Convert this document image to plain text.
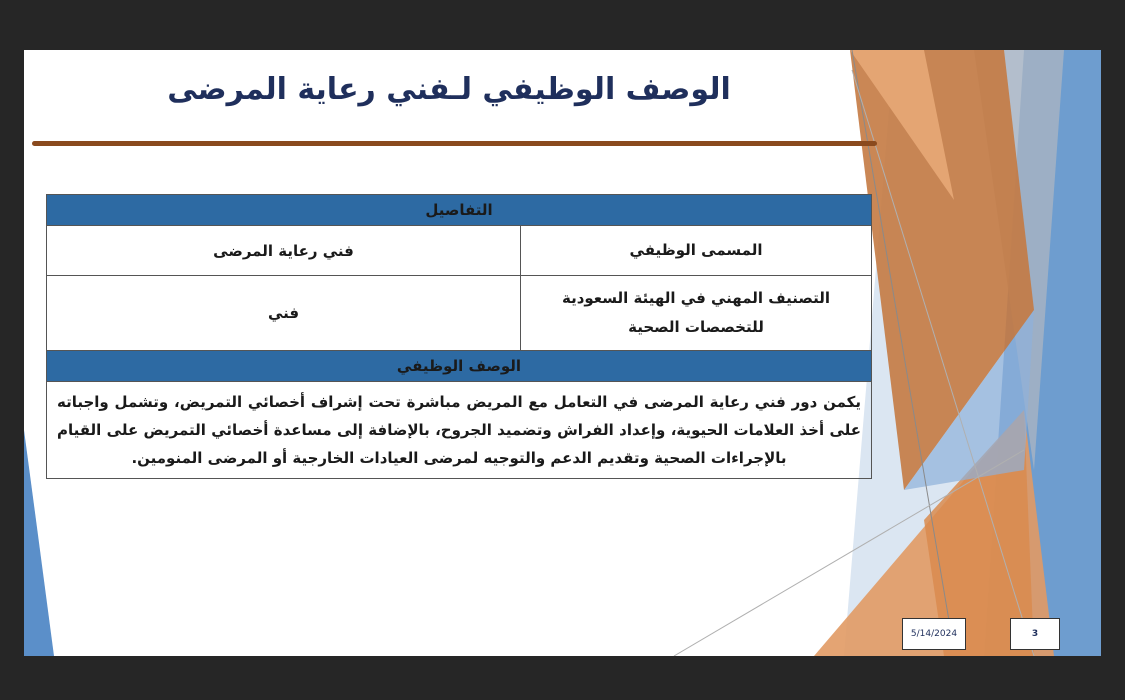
الوصف الوظيفي لـفني رعاية المرضى
التفاصيل	
المسمى الوظيفي	فني رعاية المرضى
التصنيف المهني في الهيئة السعودية للتخصصات الصحية	فني
الوصف الوظيفي	
يكمن دور فني رعاية المرضى في التعامل مع المريض مباشرة تحت إشراف أخصائي التمريض، وتشمل واجباته على أخذ العلامات الحيوية، وإعداد الفراش وتضميد الجروح، بالإضافة إلى مساعدة أخصائي التمريض على القيام بالإجراءات الصحية وتقديم الدعم والتوجيه لمرضى العيادات الخارجية أو المرضى المنومين.	
5/14/2024	3
